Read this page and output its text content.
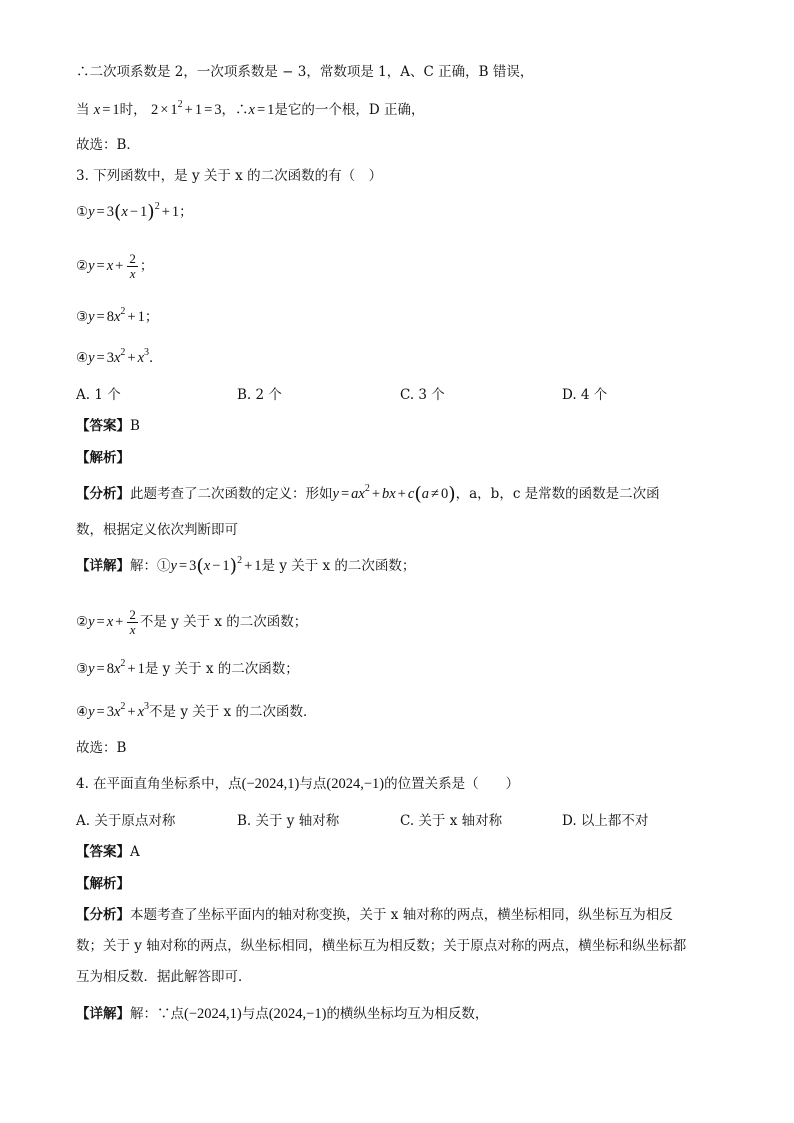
∴二次项系数是 2，一次项系数是 − 3，常数项是 1，A、C 正确，B 错误，
当 x = 1时， $2 \times 1^2 + 1 = 3$，∴x = 1是它的一个根，D 正确，
故选：B．
3. 下列函数中，是 y 关于 x 的二次函数的有（　）
①y = $3(x - 1)^2 + 1$；
②y = $x + \frac{2}{x}$ ；
③y = $8x^2 + 1$；
④y = $3x^2 + x^3$．
A. 1 个	B. 2 个	C. 3 个	D. 4 个
【答案】B
【解析】
【分析】此题考查了二次函数的定义：形如$y = ax^2$ + bx + c(a ≠ 0)，a，b，c 是常数的函数是二次函
数，根据定义依次判断即可
【详解】解：①y = $3(x - 1)^2 + 1$是 y 关于 x 的二次函数；
②y = $x + \frac{2}{x}$ 不是 y 关于 x 的二次函数；
③y = $8x^2 + 1$是 y 关于 x 的二次函数；
④y = $3x^2 + x^3$不是 y 关于 x 的二次函数．
故选：B
4. 在平面直角坐标系中，点(−2024,1)与点(2024,−1)的位置关系是（　　）
A. 关于原点对称	B. 关于 y 轴对称	C. 关于 x 轴对称	D. 以上都不对
【答案】A
【解析】
【分析】本题考查了坐标平面内的轴对称变换，关于 x 轴对称的两点，横坐标相同，纵坐标互为相反
数；关于 y 轴对称的两点，纵坐标相同，横坐标互为相反数；关于原点对称的两点，横坐标和纵坐标都
互为相反数．据此解答即可．
【详解】解：∵点(−2024,1)与点(2024,−1)的横纵坐标均互为相反数，
